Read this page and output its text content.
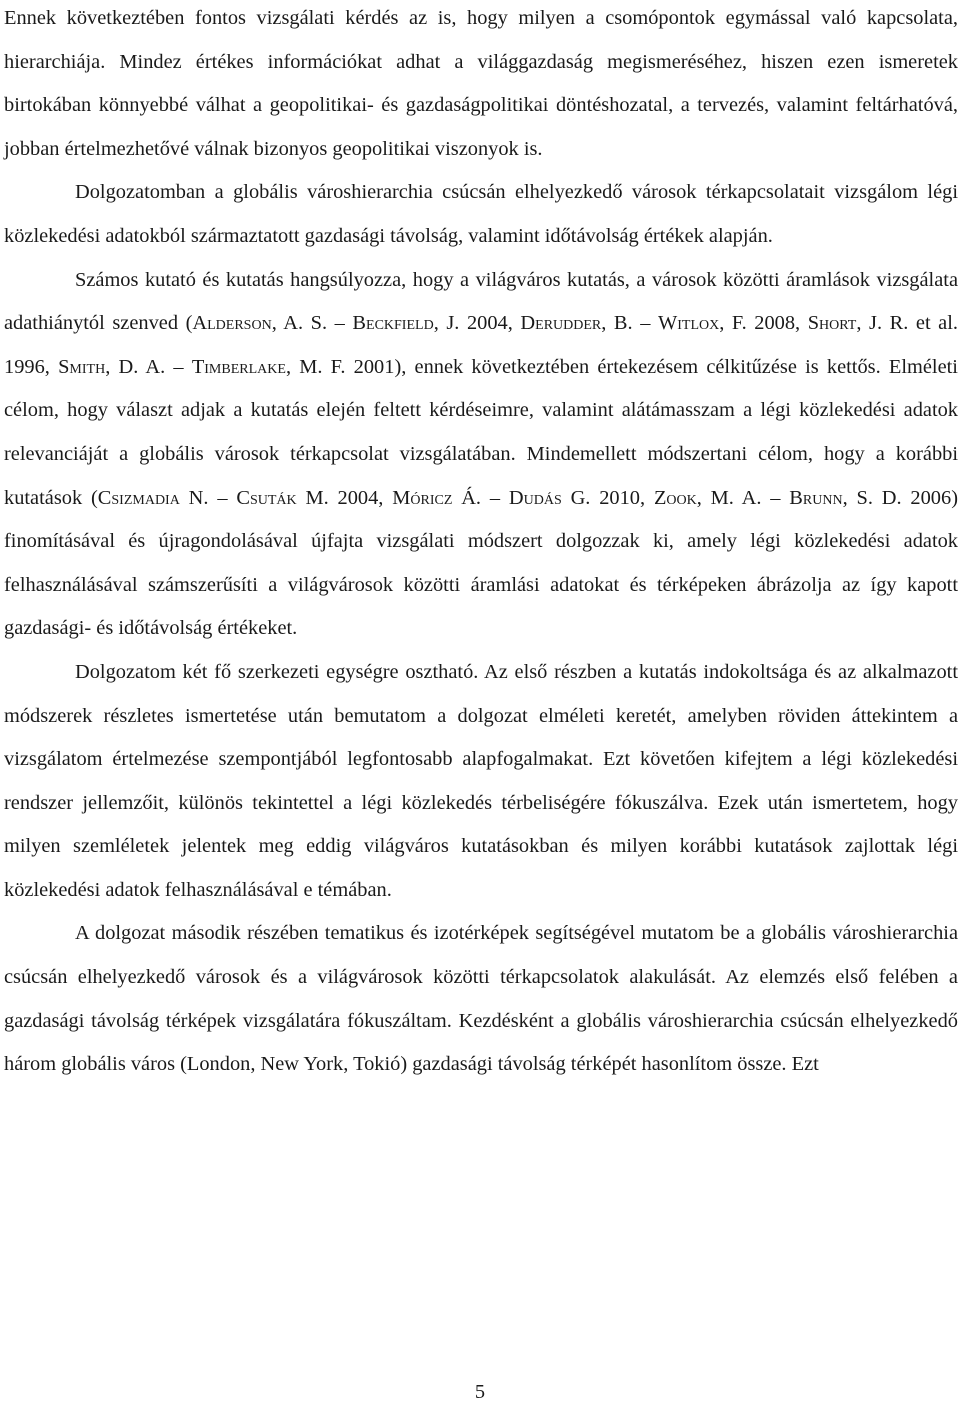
Ennek következtében fontos vizsgálati kérdés az is, hogy milyen a csomópontok egymással való kapcsolata, hierarchiája. Mindez értékes információkat adhat a világgazdaság megismeréséhez, hiszen ezen ismeretek birtokában könnyebbé válhat a geopolitikai- és gazdaságpolitikai döntéshozatal, a tervezés, valamint feltárhatóvá, jobban értelmezhetővé válnak bizonyos geopolitikai viszonyok is.

Dolgozatomban a globális városhierarchia csúcsán elhelyezkedő városok térkapcsolatait vizsgálom légi közlekedési adatokból származtatott gazdasági távolság, valamint időtávolság értékek alapján.

Számos kutató és kutatás hangsúlyozza, hogy a világváros kutatás, a városok közötti áramlások vizsgálata adathiánytól szenved (Alderson, A. S. – Beckfield, J. 2004, Derudder, B. – Witlox, F. 2008, Short, J. R. et al. 1996, Smith, D. A. – Timberlake, M. F. 2001), ennek következtében értekezésem célkitűzése is kettős. Elméleti célom, hogy választ adjak a kutatás elején feltett kérdéseimre, valamint alátámasszam a légi közlekedési adatok relevanciáját a globális városok térkapcsolat vizsgálatában. Mindemellett módszertani célom, hogy a korábbi kutatások (Csizmadia N. – Csuták M. 2004, Móricz Á. – Dudás G. 2010, Zook, M. A. – Brunn, S. D. 2006) finomításával és újragondolásával újfajta vizsgálati módszert dolgozzak ki, amely légi közlekedési adatok felhasználásával számszerűsíti a világvárosok közötti áramlási adatokat és térképeken ábrázolja az így kapott gazdasági- és időtávolság értékeket.

Dolgozatom két fő szerkezeti egységre osztható. Az első részben a kutatás indokoltsága és az alkalmazott módszerek részletes ismertetése után bemutatom a dolgozat elméleti keretét, amelyben röviden áttekintem a vizsgálatom értelmezése szempontjából legfontosabb alapfogalmakat. Ezt követően kifejtem a légi közlekedési rendszer jellemzőit, különös tekintettel a légi közlekedés térbeliségére fókuszálva. Ezek után ismertetem, hogy milyen szemléletek jelentek meg eddig világváros kutatásokban és milyen korábbi kutatások zajlottak légi közlekedési adatok felhasználásával e témában.

A dolgozat második részében tematikus és izotérképek segítségével mutatom be a globális városhierarchia csúcsán elhelyezkedő városok és a világvárosok közötti térkapcsolatok alakulását. Az elemzés első felében a gazdasági távolság térképek vizsgálatára fókuszáltam. Kezdésként a globális városhierarchia csúcsán elhelyezkedő három globális város (London, New York, Tokió) gazdasági távolság térképét hasonlítom össze. Ezt

5
